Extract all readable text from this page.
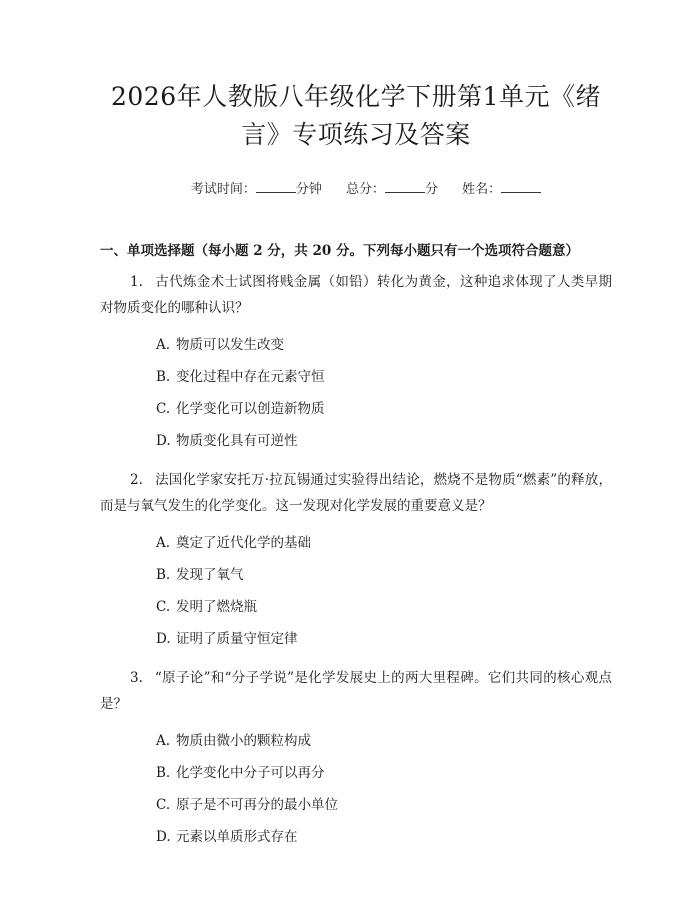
2026年人教版八年级化学下册第1单元《绪
言》专项练习及答案
考试时间：	分钟 总分：	分 姓名：
一、单项选择题（每小题 2 分，共 20 分。下列每小题只有一个选项符合题意）
1. 古代炼金术士试图将贱金属（如铅）转化为黄金，这种追求体现了人类早期对物质变化的哪种认识？
A. 物质可以发生改变
B. 变化过程中存在元素守恒
C. 化学变化可以创造新物质
D. 物质变化具有可逆性
2. 法国化学家安托万·拉瓦锡通过实验得出结论，燃烧不是物质“燃素”的释放，而是与氧气发生的化学变化。这一发现对化学发展的重要意义是？
A. 奠定了近代化学的基础
B. 发现了氧气
C. 发明了燃烧瓶
D. 证明了质量守恒定律
3. “原子论”和“分子学说”是化学发展史上的两大里程碑。它们共同的核心观点是？
A. 物质由微小的颗粒构成
B. 化学变化中分子可以再分
C. 原子是不可再分的最小单位
D. 元素以单质形式存在
